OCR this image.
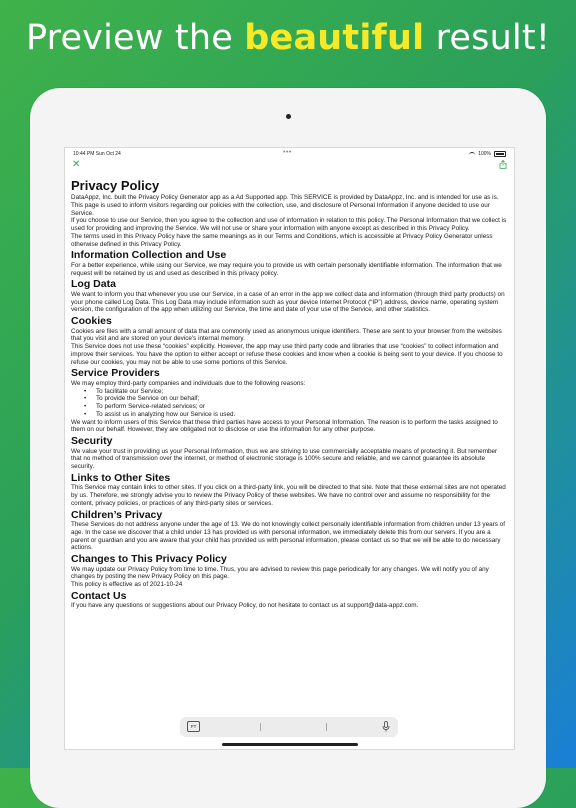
Preview the beautiful result!
10:44 PM Sun Oct 24	•••	100%
✕
Privacy Policy

DataAppz, Inc. built the Privacy Policy Generator app as a Ad Supported app. This SERVICE is provided by DataAppz, Inc. and is intended for use as is.

This page is used to inform visitors regarding our policies with the collection, use, and disclosure of Personal Information if anyone decided to use our Service.

If you choose to use our Service, then you agree to the collection and use of information in relation to this policy. The Personal Information that we collect is used for providing and improving the Service. We will not use or share your information with anyone except as described in this Privacy Policy.

The terms used in this Privacy Policy have the same meanings as in our Terms and Conditions, which is accessible at Privacy Policy Generator unless otherwise defined in this Privacy Policy.

Information Collection and Use

For a better experience, while using our Service, we may require you to provide us with certain personally identifiable information. The information that we request will be retained by us and used as described in this privacy policy.

Log Data

We want to inform you that whenever you use our Service, in a case of an error in the app we collect data and information (through third party products) on your phone called Log Data. This Log Data may include information such as your device Internet Protocol (“IP”) address, device name, operating system version, the configuration of the app when utilizing our Service, the time and date of your use of the Service, and other statistics.

Cookies

Cookies are files with a small amount of data that are commonly used as anonymous unique identifiers. These are sent to your browser from the websites that you visit and are stored on your device's internal memory.

This Service does not use these “cookies” explicitly. However, the app may use third party code and libraries that use “cookies” to collect information and improve their services. You have the option to either accept or refuse these cookies and know when a cookie is being sent to your device. If you choose to refuse our cookies, you may not be able to use some portions of this Service.

Service Providers

We may employ third-party companies and individuals due to the following reasons:

• To facilitate our Service;
• To provide the Service on our behalf;
• To perform Service-related services; or
• To assist us in analyzing how our Service is used.

We want to inform users of this Service that these third parties have access to your Personal Information. The reason is to perform the tasks assigned to them on our behalf. However, they are obligated not to disclose or use the information for any other purpose.

Security

We value your trust in providing us your Personal Information, thus we are striving to use commercially acceptable means of protecting it. But remember that no method of transmission over the internet, or method of electronic storage is 100% secure and reliable, and we cannot guarantee its absolute security.

Links to Other Sites

This Service may contain links to other sites. If you click on a third-party link, you will be directed to that site. Note that these external sites are not operated by us. Therefore, we strongly advise you to review the Privacy Policy of these websites. We have no control over and assume no responsibility for the content, privacy policies, or practices of any third-party sites or services.

Children’s Privacy

These Services do not address anyone under the age of 13. We do not knowingly collect personally identifiable information from children under 13 years of age. In the case we discover that a child under 13 has provided us with personal information, we immediately delete this from our servers. If you are a parent or guardian and you are aware that your child has provided us with personal information, please contact us so that we will be able to do necessary actions.

Changes to This Privacy Policy

We may update our Privacy Policy from time to time. Thus, you are advised to review this page periodically for any changes. We will notify you of any changes by posting the new Privacy Policy on this page.

This policy is effective as of 2021-10-24

Contact Us

If you have any questions or suggestions about our Privacy Policy, do not hesitate to contact us at support@data-appz.com.

PT
